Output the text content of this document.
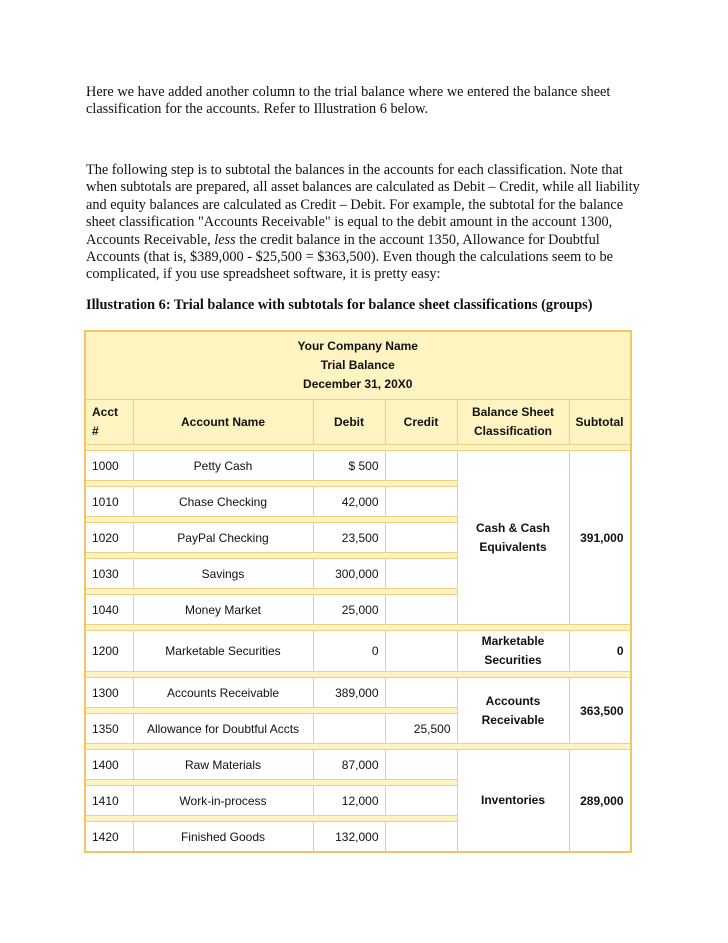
Here we have added another column to the trial balance where we entered the balance sheet classification for the accounts. Refer to Illustration 6 below.

The following step is to subtotal the balances in the accounts for each classification. Note that when subtotals are prepared, all asset balances are calculated as Debit – Credit, while all liability and equity balances are calculated as Credit – Debit. For example, the subtotal for the balance sheet classification "Accounts Receivable" is equal to the debit amount in the account 1300, Accounts Receivable, less the credit balance in the account 1350, Allowance for Doubtful Accounts (that is, $389,000 - $25,500 = $363,500). Even though the calculations seem to be complicated, if you use spreadsheet software, it is pretty easy:

Illustration 6: Trial balance with subtotals for balance sheet classifications (groups)
Your Company Name
Trial Balance
December 31, 20X0					

Acct #	Account Name	Debit	Credit	Balance Sheet Classification	Subtotal

1000	Petty Cash	$ 500		Cash & Cash Equivalents	391,000

1010	Chase Checking	42,000			

1020	PayPal Checking	23,500			

1030	Savings	300,000			

1040	Money Market	25,000			

1200	Marketable Securities	0		Marketable Securities	0

1300	Accounts Receivable	389,000		Accounts Receivable	363,500

1350	Allowance for Doubtful Accts		25,500		

1400	Raw Materials	87,000		Inventories	289,000

1410	Work-in-process	12,000			

1420	Finished Goods	132,000			
